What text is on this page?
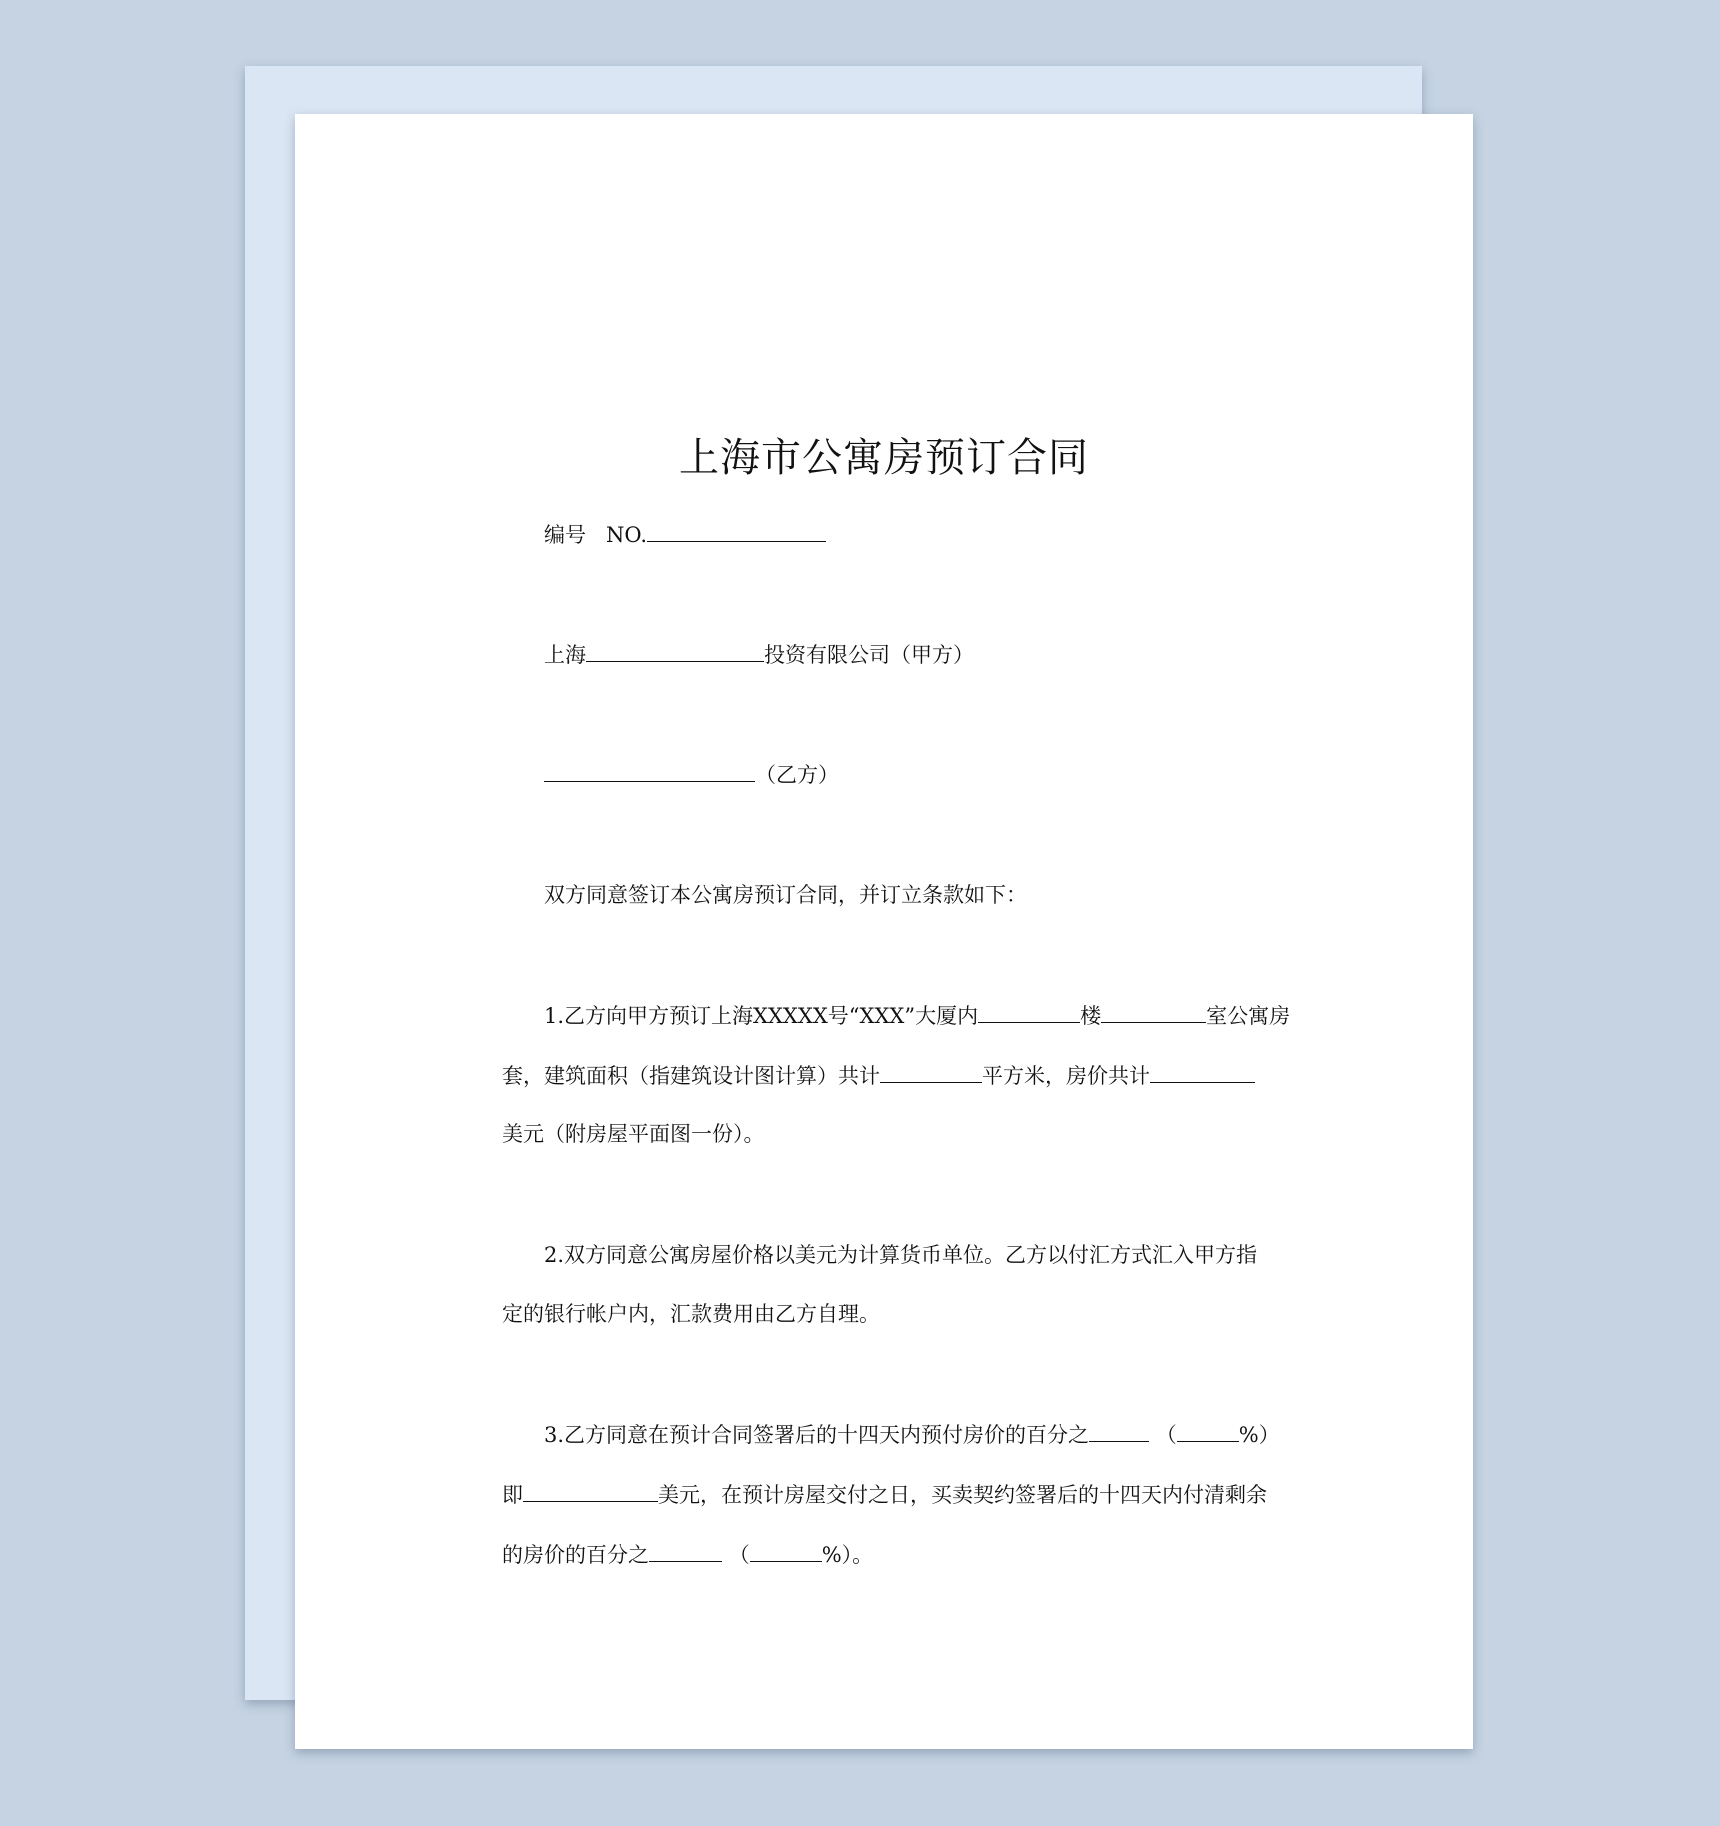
上海市公寓房预订合同
编号 NO.
上海	投资有限公司（甲方）
（乙方）
双方同意签订本公寓房预订合同，并订立条款如下：
1.乙方向甲方预订上海XXXXX号“XXX”大厦内	楼	室公寓房
套，建筑面积（指建筑设计图计算）共计	平方米，房价共计
美元（附房屋平面图一份）。
2.双方同意公寓房屋价格以美元为计算货币单位。乙方以付汇方式汇入甲方指
定的银行帐户内，汇款费用由乙方自理。
3.乙方同意在预计合同签署后的十四天内预付房价的百分之	（	%）
即	美元，在预计房屋交付之日，买卖契约签署后的十四天内付清剩余
的房价的百分之	（	%）。
